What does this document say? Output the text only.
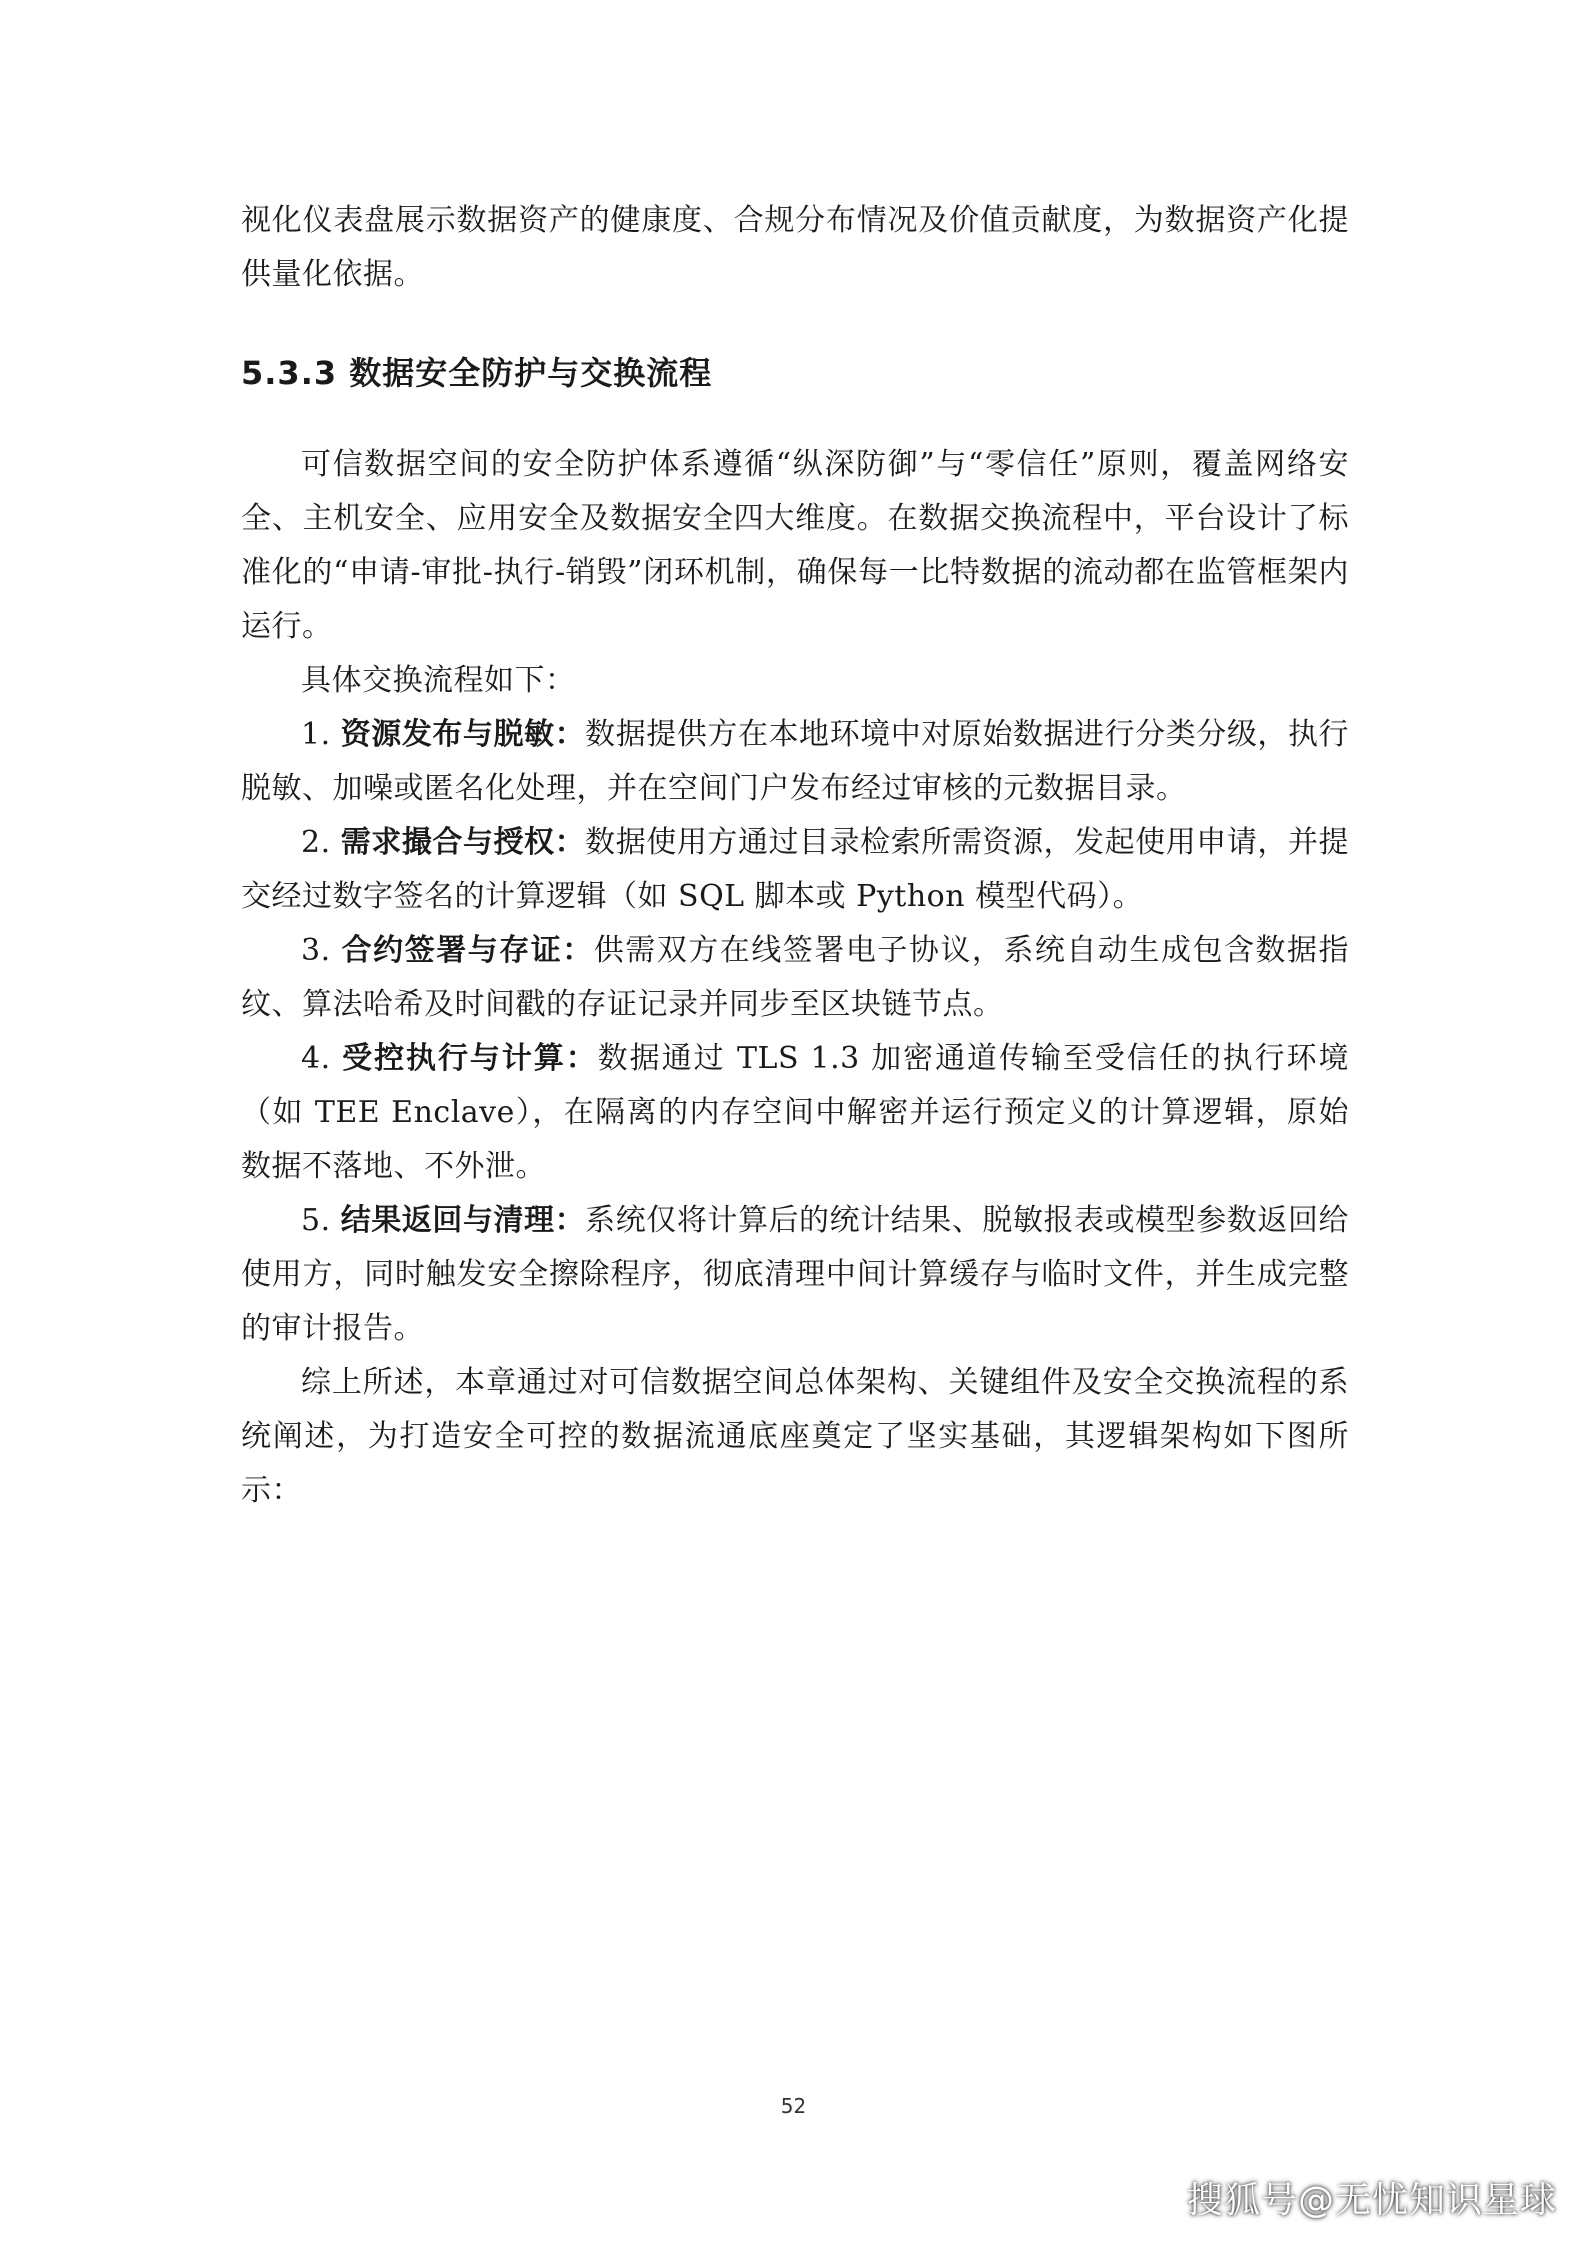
视化仪表盘展示数据资产的健康度、合规分布情况及价值贡献度，为数据资产化提供量化依据。

5.3.3 数据安全防护与交换流程

可信数据空间的安全防护体系遵循“纵深防御”与“零信任”原则，覆盖网络安全、主机安全、应用安全及数据安全四大维度。在数据交换流程中，平台设计了标准化的“申请-审批-执行-销毁”闭环机制，确保每一比特数据的流动都在监管框架内运行。

具体交换流程如下：

1. 资源发布与脱敏：数据提供方在本地环境中对原始数据进行分类分级，执行脱敏、加噪或匿名化处理，并在空间门户发布经过审核的元数据目录。

2. 需求撮合与授权：数据使用方通过目录检索所需资源，发起使用申请，并提交经过数字签名的计算逻辑（如 SQL 脚本或 Python 模型代码）。

3. 合约签署与存证：供需双方在线签署电子协议，系统自动生成包含数据指纹、算法哈希及时间戳的存证记录并同步至区块链节点。

4. 受控执行与计算：数据通过 TLS 1.3 加密通道传输至受信任的执行环境（如 TEE Enclave），在隔离的内存空间中解密并运行预定义的计算逻辑，原始数据不落地、不外泄。

5. 结果返回与清理：系统仅将计算后的统计结果、脱敏报表或模型参数返回给使用方，同时触发安全擦除程序，彻底清理中间计算缓存与临时文件，并生成完整的审计报告。

综上所述，本章通过对可信数据空间总体架构、关键组件及安全交换流程的系统阐述，为打造安全可控的数据流通底座奠定了坚实基础，其逻辑架构如下图所示：

52
搜狐号@无忧知识星球
